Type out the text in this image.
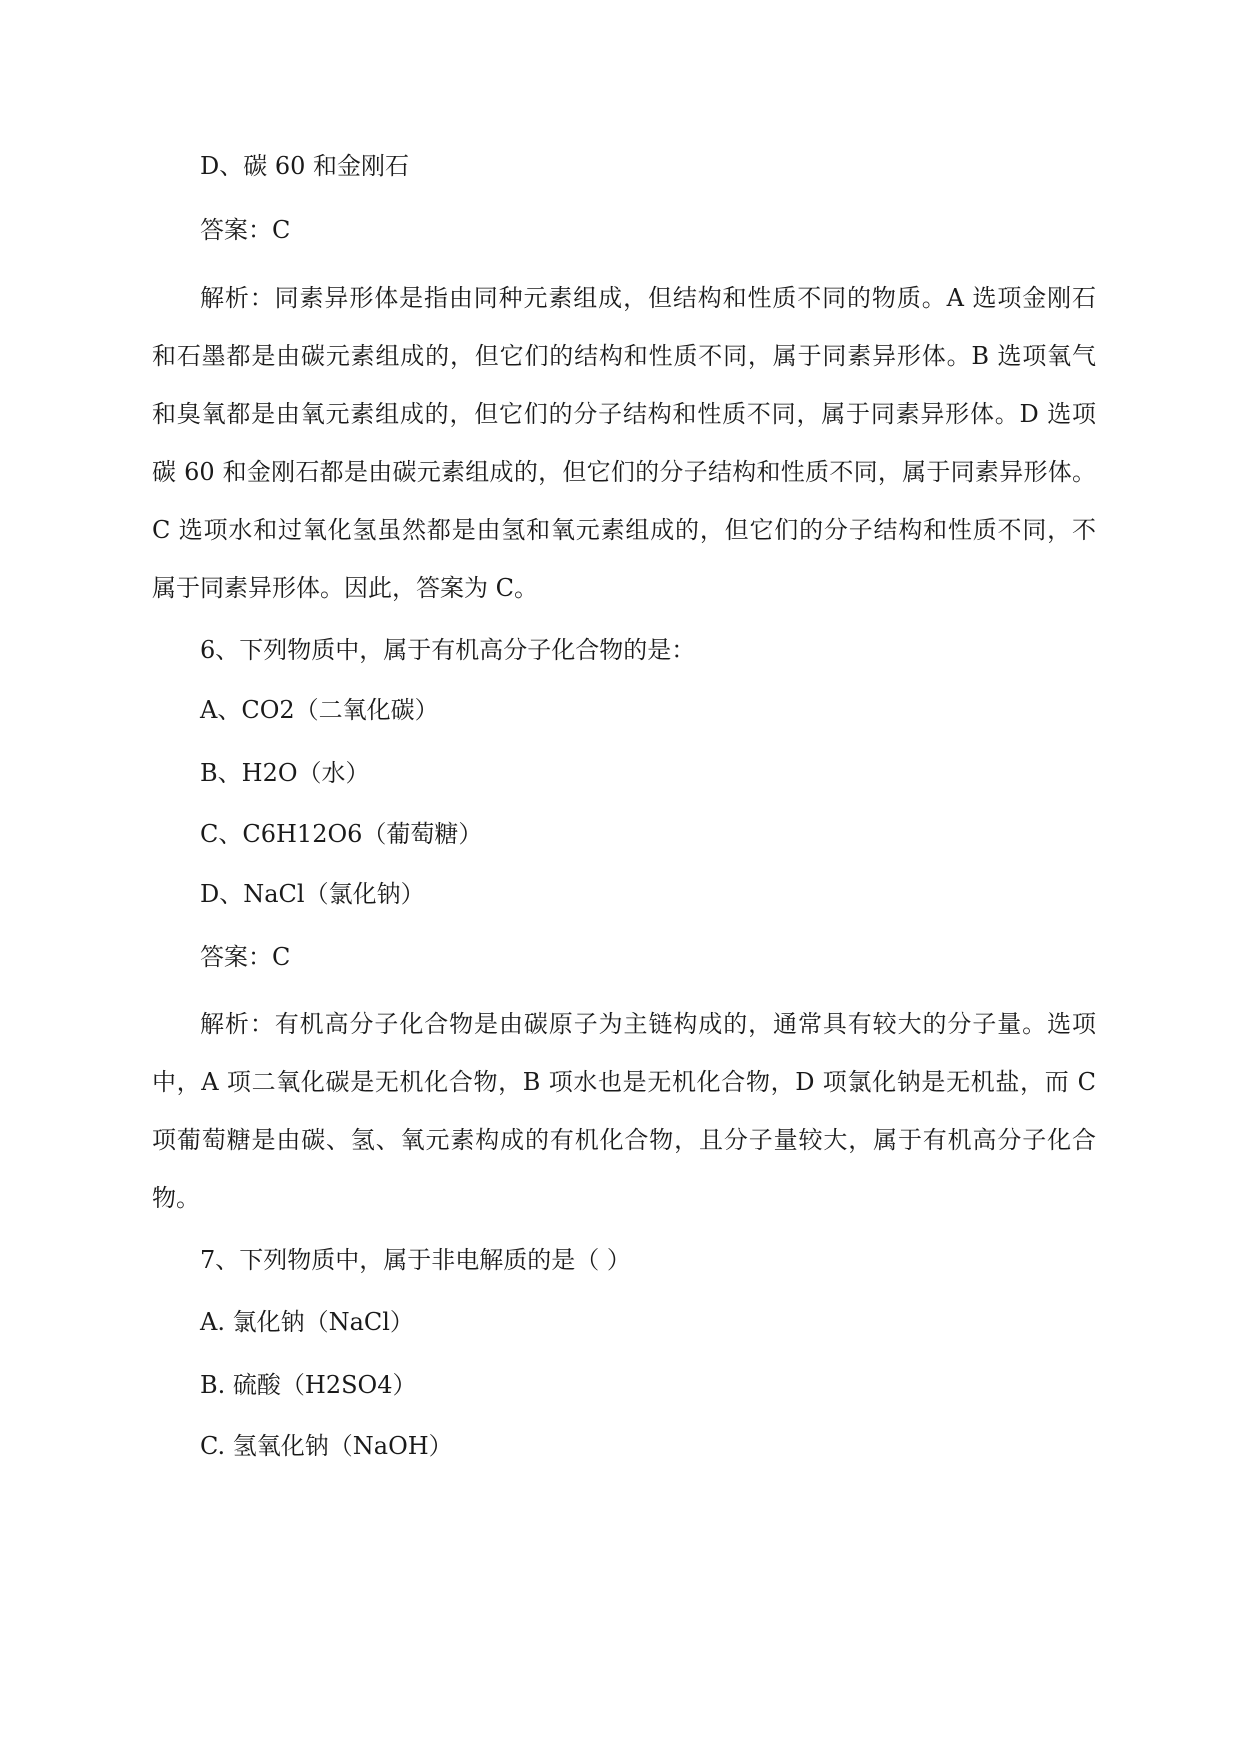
D、碳 60 和金刚石
答案：C
解析：同素异形体是指由同种元素组成，但结构和性质不同的物质。A 选项金刚石
和石墨都是由碳元素组成的，但它们的结构和性质不同，属于同素异形体。B 选项氧气
和臭氧都是由氧元素组成的，但它们的分子结构和性质不同，属于同素异形体。D 选项
碳 60 和金刚石都是由碳元素组成的，但它们的分子结构和性质不同，属于同素异形体。
C 选项水和过氧化氢虽然都是由氢和氧元素组成的，但它们的分子结构和性质不同，不
属于同素异形体。因此，答案为 C。
6、下列物质中，属于有机高分子化合物的是：
A、CO2（二氧化碳）
B、H2O（水）
C、C6H12O6（葡萄糖）
D、NaCl（氯化钠）
答案：C
解析：有机高分子化合物是由碳原子为主链构成的，通常具有较大的分子量。选项
中，A 项二氧化碳是无机化合物，B 项水也是无机化合物，D 项氯化钠是无机盐，而 C
项葡萄糖是由碳、氢、氧元素构成的有机化合物，且分子量较大，属于有机高分子化合
物。
7、下列物质中，属于非电解质的是（ ）
A. 氯化钠（NaCl）
B. 硫酸（H2SO4）
C. 氢氧化钠（NaOH）
